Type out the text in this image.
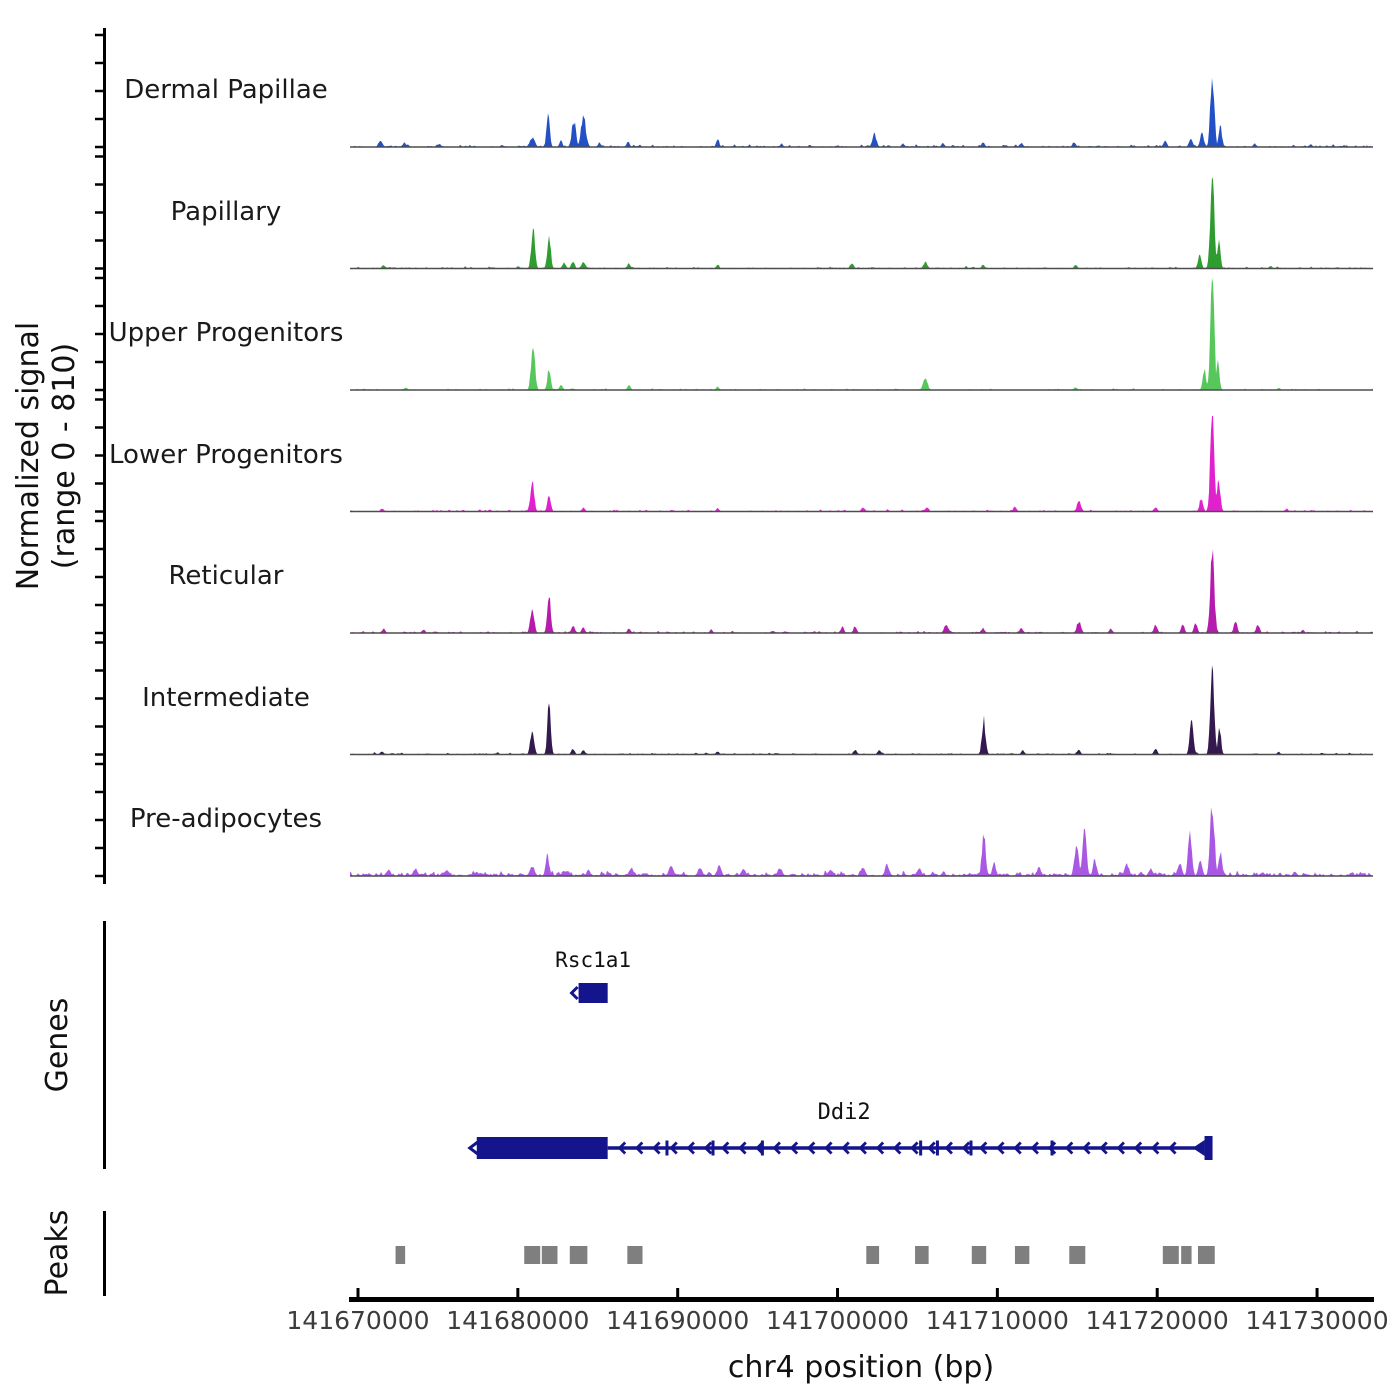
Normalized signal (range 0 - 810)
Genes
Peaks
chr4 position (bp)
Dermal Papillae
Papillary
Upper Progenitors
Lower Progenitors
Reticular
Intermediate
Pre-adipocytes
Rsc1a1
Ddi2
141670000 141680000 141690000 141700000 141710000 141720000 141730000
